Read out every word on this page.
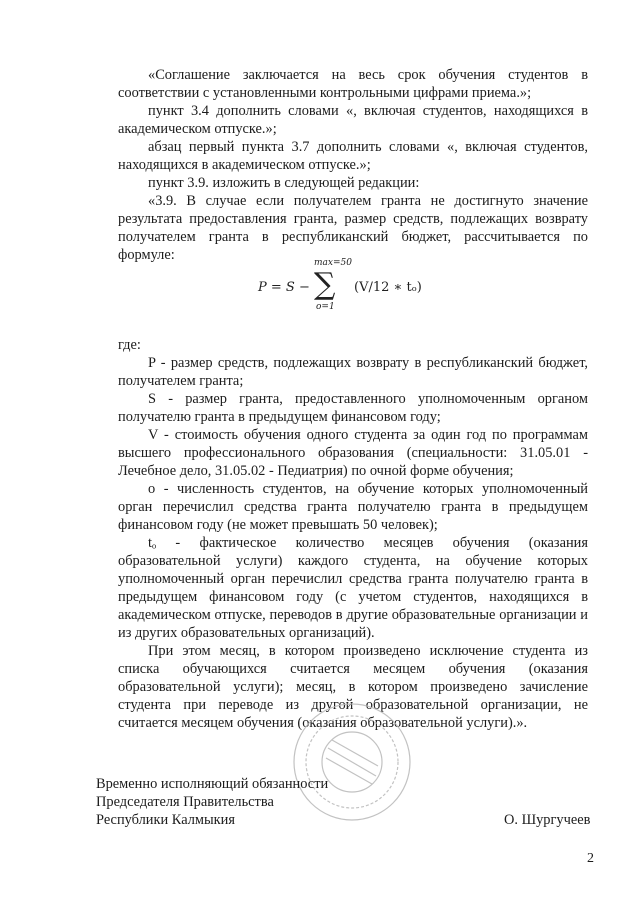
«Соглашение заключается на весь срок обучения студентов в соответствии с установленными контрольными цифрами приема.»;

пункт 3.4 дополнить словами «, включая студентов, находящихся в академическом отпуске.»;

абзац первый пункта 3.7 дополнить словами «, включая студентов, находящихся в академическом отпуске.»;

пункт 3.9. изложить в следующей редакции:

«3.9. В случае если получателем гранта не достигнуто значение результата предоставления гранта, размер средств, подлежащих возврату получателем гранта в республиканский бюджет, рассчитывается по формуле:

P = S −
max=50
∑
o=1
(V/12 ∗ tₒ)

где:

P - размер средств, подлежащих возврату в республиканский бюджет, получателем гранта;

S - размер гранта, предоставленного уполномоченным органом получателю гранта в предыдущем финансовом году;

V - стоимость обучения одного студента за один год по программам высшего профессионального образования (специальности: 31.05.01 - Лечебное дело, 31.05.02 - Педиатрия) по очной форме обучения;

o - численность студентов, на обучение которых уполномоченный орган перечислил средства гранта получателю гранта в предыдущем финансовом году (не может превышать 50 человек);

tₒ - фактическое количество месяцев обучения (оказания образовательной услуги) каждого студента, на обучение которых уполномоченный орган перечислил средства гранта получателю гранта в предыдущем финансовом году (с учетом студентов, находящихся в академическом отпуске, переводов в другие образовательные организации и из других образовательных организаций).

При этом месяц, в котором произведено исключение студента из списка обучающихся считается месяцем обучения (оказания образовательной услуги); месяц, в котором произведено зачисление студента при переводе из другой образовательной организации, не считается месяцем обучения (оказания образовательной услуги).».

Временно исполняющий обязанности
Председателя Правительства
Республики Калмыкия	О. Шургучеев
2
